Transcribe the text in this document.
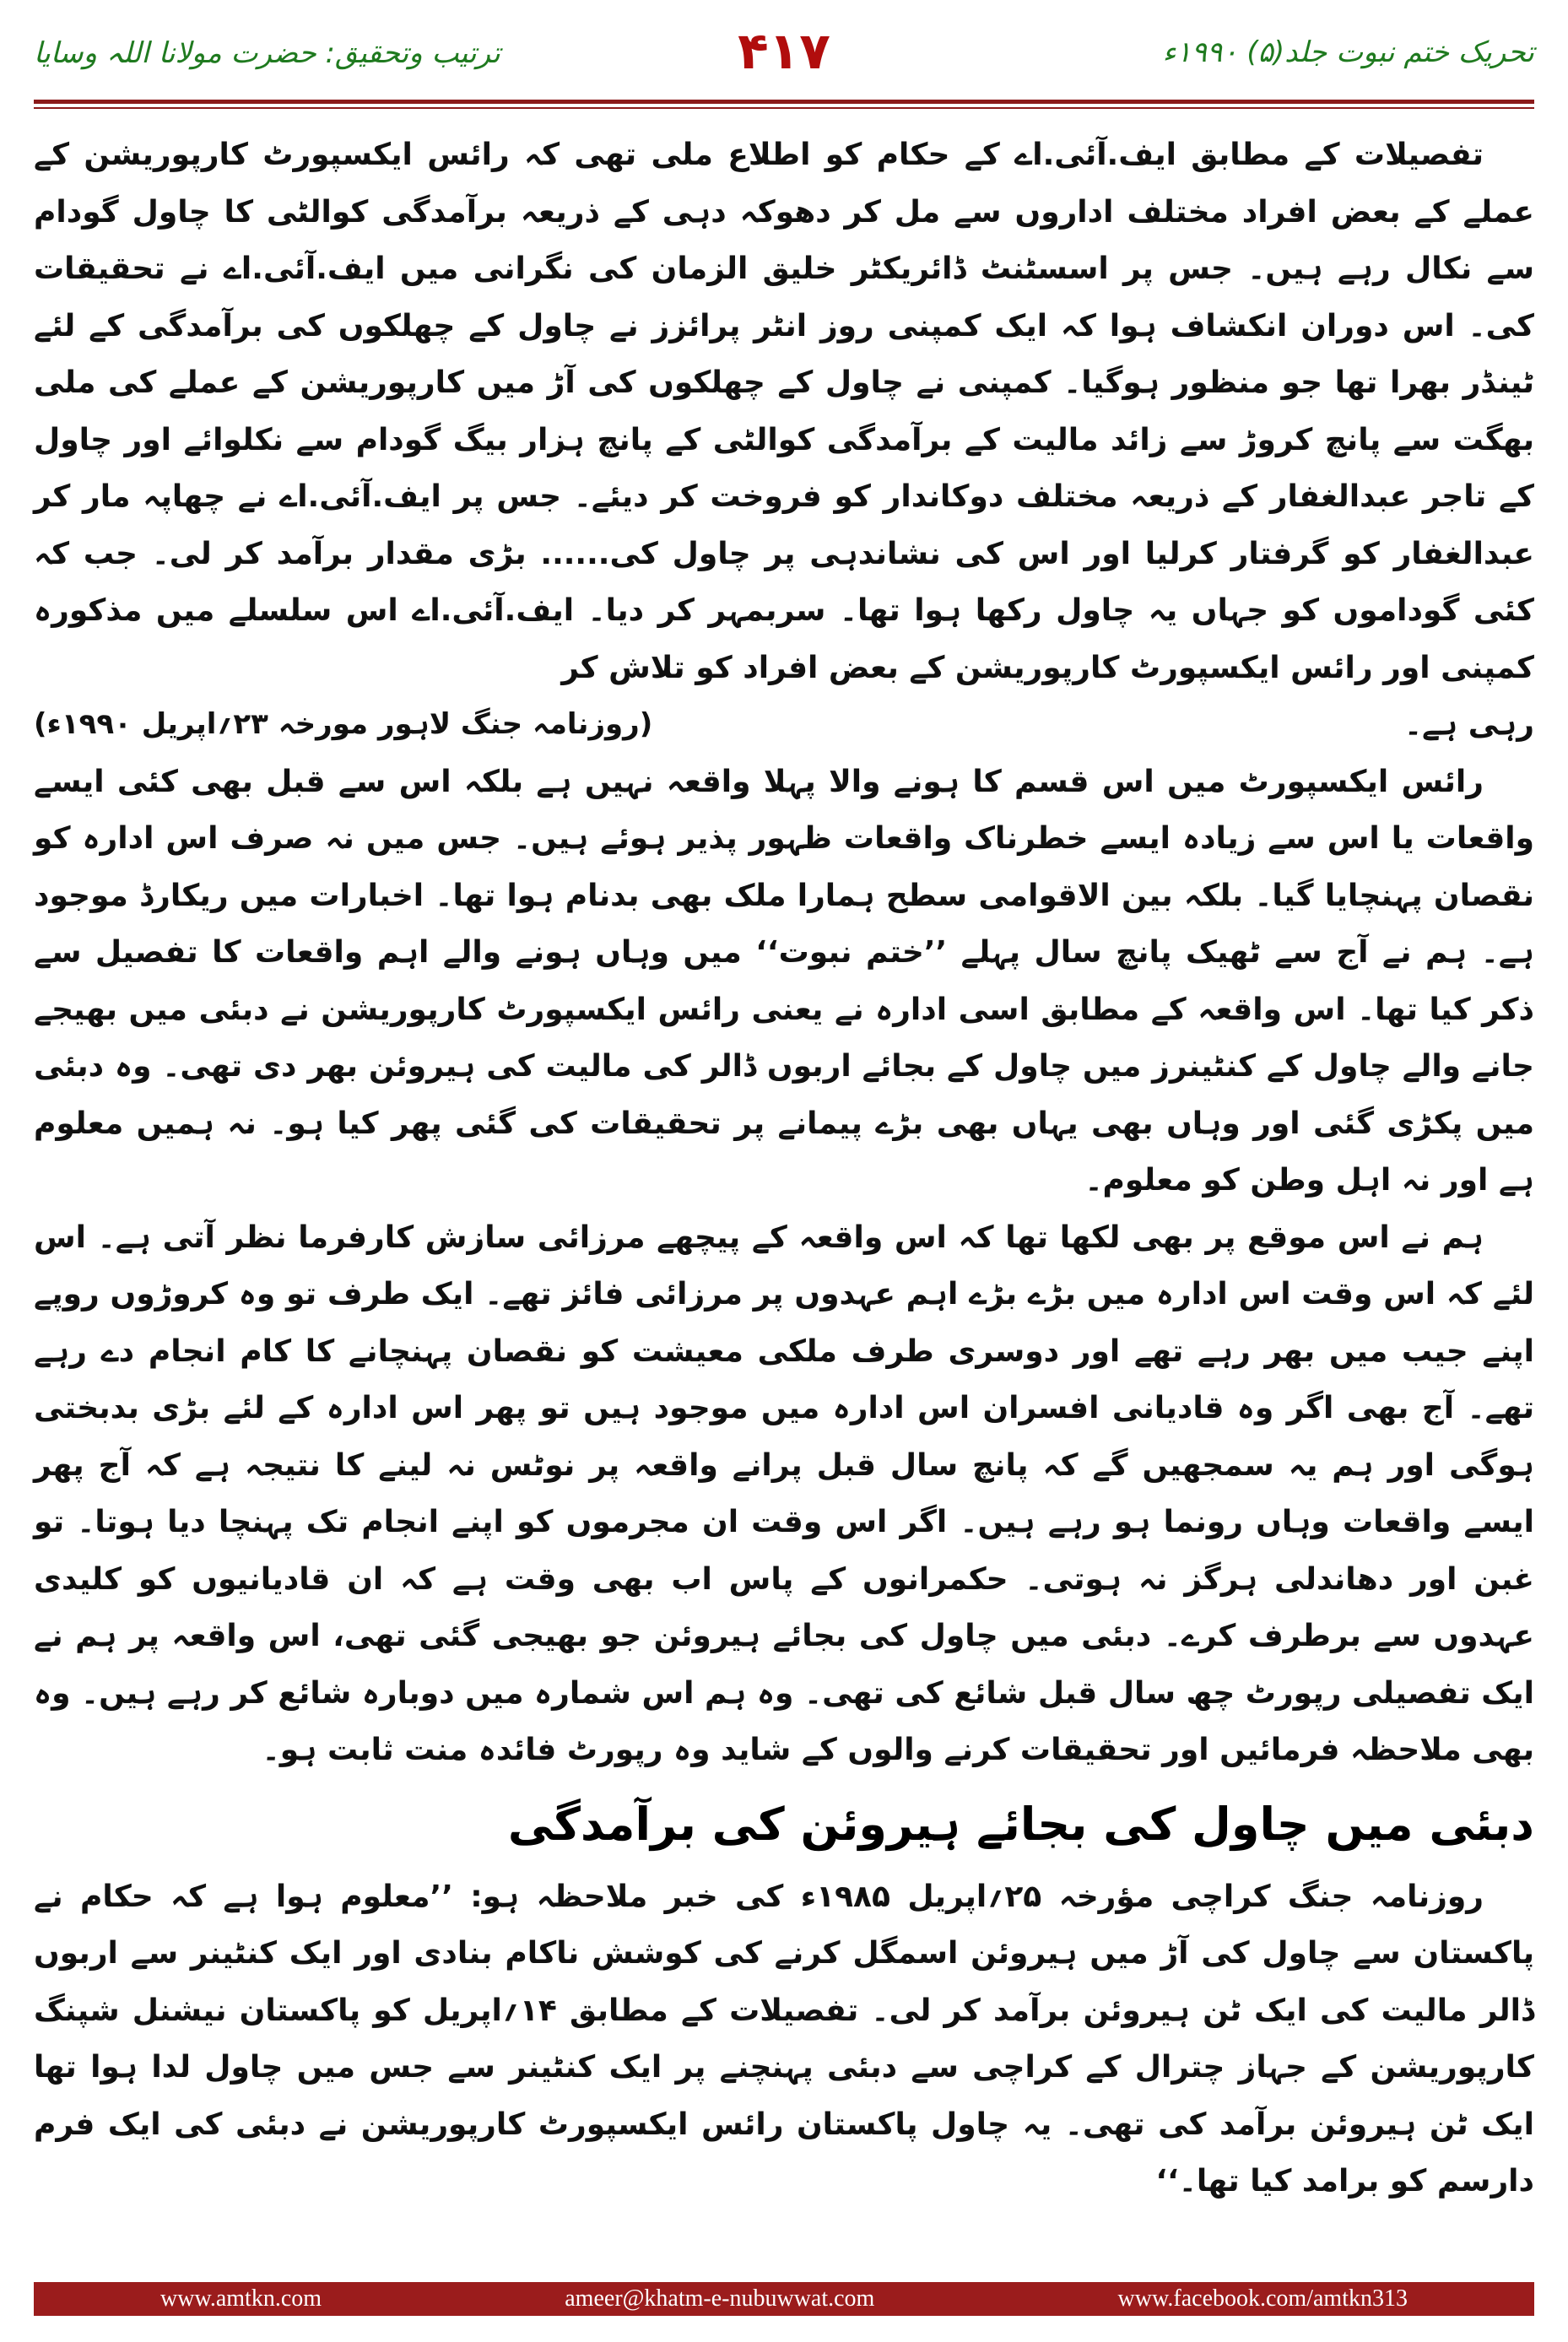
ترتیب وتحقیق: حضرت مولانا اللہ وسایا	۴۱۷	تحریک ختم نبوت جلد(۵) ۱۹۹۰ء

تفصیلات کے مطابق ایف.آئی.اے کے حکام کو اطلاع ملی تھی کہ رائس ایکسپورٹ کارپوریشن کے عملے کے بعض افراد مختلف اداروں سے مل کر دھوکہ دہی کے ذریعہ برآمدگی کوالٹی کا چاول گودام سے نکال رہے ہیں۔ جس پر اسسٹنٹ ڈائریکٹر خلیق الزمان کی نگرانی میں ایف.آئی.اے نے تحقیقات کی۔ اس دوران انکشاف ہوا کہ ایک کمپنی روز انٹر پرائزز نے چاول کے چھلکوں کی برآمدگی کے لئے ٹینڈر بھرا تھا جو منظور ہوگیا۔ کمپنی نے چاول کے چھلکوں کی آڑ میں کارپوریشن کے عملے کی ملی بھگت سے پانچ کروڑ سے زائد مالیت کے برآمدگی کوالٹی کے پانچ ہزار بیگ گودام سے نکلوائے اور چاول کے تاجر عبدالغفار کے ذریعہ مختلف دوکاندار کو فروخت کر دیئے۔ جس پر ایف.آئی.اے نے چھاپہ مار کر عبدالغفار کو گرفتار کرلیا اور اس کی نشاندہی پر چاول کی...... بڑی مقدار برآمد کر لی۔ جب کہ کئی گوداموں کو جہاں یہ چاول رکھا ہوا تھا۔ سربمہر کر دیا۔ ایف.آئی.اے اس سلسلے میں مذکورہ کمپنی اور رائس ایکسپورٹ کارپوریشن کے بعض افراد کو تلاش کر

رہی ہے۔
(روزنامہ جنگ لاہور مورخہ ۲۳؍اپریل ۱۹۹۰ء)

رائس ایکسپورٹ میں اس قسم کا ہونے والا پہلا واقعہ نہیں ہے بلکہ اس سے قبل بھی کئی ایسے واقعات یا اس سے زیادہ ایسے خطرناک واقعات ظہور پذیر ہوئے ہیں۔ جس میں نہ صرف اس ادارہ کو نقصان پہنچایا گیا۔ بلکہ بین الاقوامی سطح ہمارا ملک بھی بدنام ہوا تھا۔ اخبارات میں ریکارڈ موجود ہے۔ ہم نے آج سے ٹھیک پانچ سال پہلے ’’ختم نبوت‘‘ میں وہاں ہونے والے اہم واقعات کا تفصیل سے ذکر کیا تھا۔ اس واقعہ کے مطابق اسی ادارہ نے یعنی رائس ایکسپورٹ کارپوریشن نے دبئی میں بھیجے جانے والے چاول کے کنٹینرز میں چاول کے بجائے اربوں ڈالر کی مالیت کی ہیروئن بھر دی تھی۔ وہ دبئی میں پکڑی گئی اور وہاں بھی یہاں بھی بڑے پیمانے پر تحقیقات کی گئی پھر کیا ہو۔ نہ ہمیں معلوم ہے اور نہ اہل وطن کو معلوم۔

ہم نے اس موقع پر بھی لکھا تھا کہ اس واقعہ کے پیچھے مرزائی سازش کارفرما نظر آتی ہے۔ اس لئے کہ اس وقت اس ادارہ میں بڑے بڑے اہم عہدوں پر مرزائی فائز تھے۔ ایک طرف تو وہ کروڑوں روپے اپنے جیب میں بھر رہے تھے اور دوسری طرف ملکی معیشت کو نقصان پہنچانے کا کام انجام دے رہے تھے۔ آج بھی اگر وہ قادیانی افسران اس ادارہ میں موجود ہیں تو پھر اس ادارہ کے لئے بڑی بدبختی ہوگی اور ہم یہ سمجھیں گے کہ پانچ سال قبل پرانے واقعہ پر نوٹس نہ لینے کا نتیجہ ہے کہ آج پھر ایسے واقعات وہاں رونما ہو رہے ہیں۔ اگر اس وقت ان مجرموں کو اپنے انجام تک پہنچا دیا ہوتا۔ تو غبن اور دھاندلی ہرگز نہ ہوتی۔ حکمرانوں کے پاس اب بھی وقت ہے کہ ان قادیانیوں کو کلیدی عہدوں سے برطرف کرے۔ دبئی میں چاول کی بجائے ہیروئن جو بھیجی گئی تھی، اس واقعہ پر ہم نے ایک تفصیلی رپورٹ چھ سال قبل شائع کی تھی۔ وہ ہم اس شمارہ میں دوبارہ شائع کر رہے ہیں۔ وہ بھی ملاحظہ فرمائیں اور تحقیقات کرنے والوں کے شاید وہ رپورٹ فائدہ منت ثابت ہو۔

دبئی میں چاول کی بجائے ہیروئن کی برآمدگی

روزنامہ جنگ کراچی مؤرخہ ۲۵؍اپریل ۱۹۸۵ء کی خبر ملاحظہ ہو: ’’معلوم ہوا ہے کہ حکام نے پاکستان سے چاول کی آڑ میں ہیروئن اسمگل کرنے کی کوشش ناکام بنادی اور ایک کنٹینر سے اربوں ڈالر مالیت کی ایک ٹن ہیروئن برآمد کر لی۔ تفصیلات کے مطابق ۱۴؍اپریل کو پاکستان نیشنل شپنگ کارپوریشن کے جہاز چترال کے کراچی سے دبئی پہنچنے پر ایک کنٹینر سے جس میں چاول لدا ہوا تھا ایک ٹن ہیروئن برآمد کی تھی۔ یہ چاول پاکستان رائس ایکسپورٹ کارپوریشن نے دبئی کی ایک فرم دارسم کو برامد کیا تھا۔‘‘

www.amtkn.com	ameer@khatm-e-nubuwwat.com	www.facebook.com/amtkn313
